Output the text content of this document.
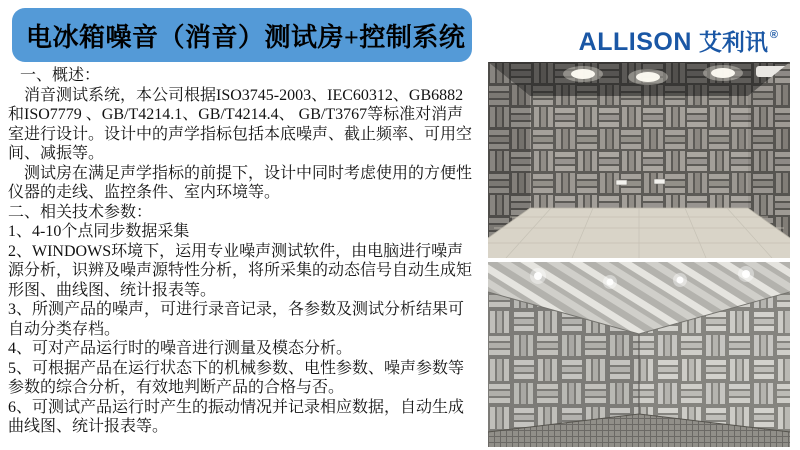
电冰箱噪音（消音）测试房+控制系统	ALLISON 艾利讯 ®

一、概述：

消音测试系统，本公司根据ISO3745-2003、IEC60312、GB6882 和ISO7779 、GB/T4214.1、GB/T4214.4、 GB/T3767等标准对消声室进行设计。设计中的声学指标包括本底噪声、截止频率、可用空间、减振等。

测试房在满足声学指标的前提下，设计中同时考虑使用的方便性仪器的走线、监控条件、室内环境等。

二、相关技术参数：

1、4-10个点同步数据采集

2、WINDOWS环境下，运用专业噪声测试软件，由电脑进行噪声源分析，识辨及噪声源特性分析，将所采集的动态信号自动生成矩形图、曲线图、统计报表等。

3、所测产品的噪声，可进行录音记录，各参数及测试分析结果可自动分类存档。

4、可对产品运行时的噪音进行测量及模态分析。

5、可根据产品在运行状态下的机械参数、电性参数、噪声参数等参数的综合分析，有效地判断产品的合格与否。

6、可测试产品运行时产生的振动情况并记录相应数据，自动生成曲线图、统计报表等。
